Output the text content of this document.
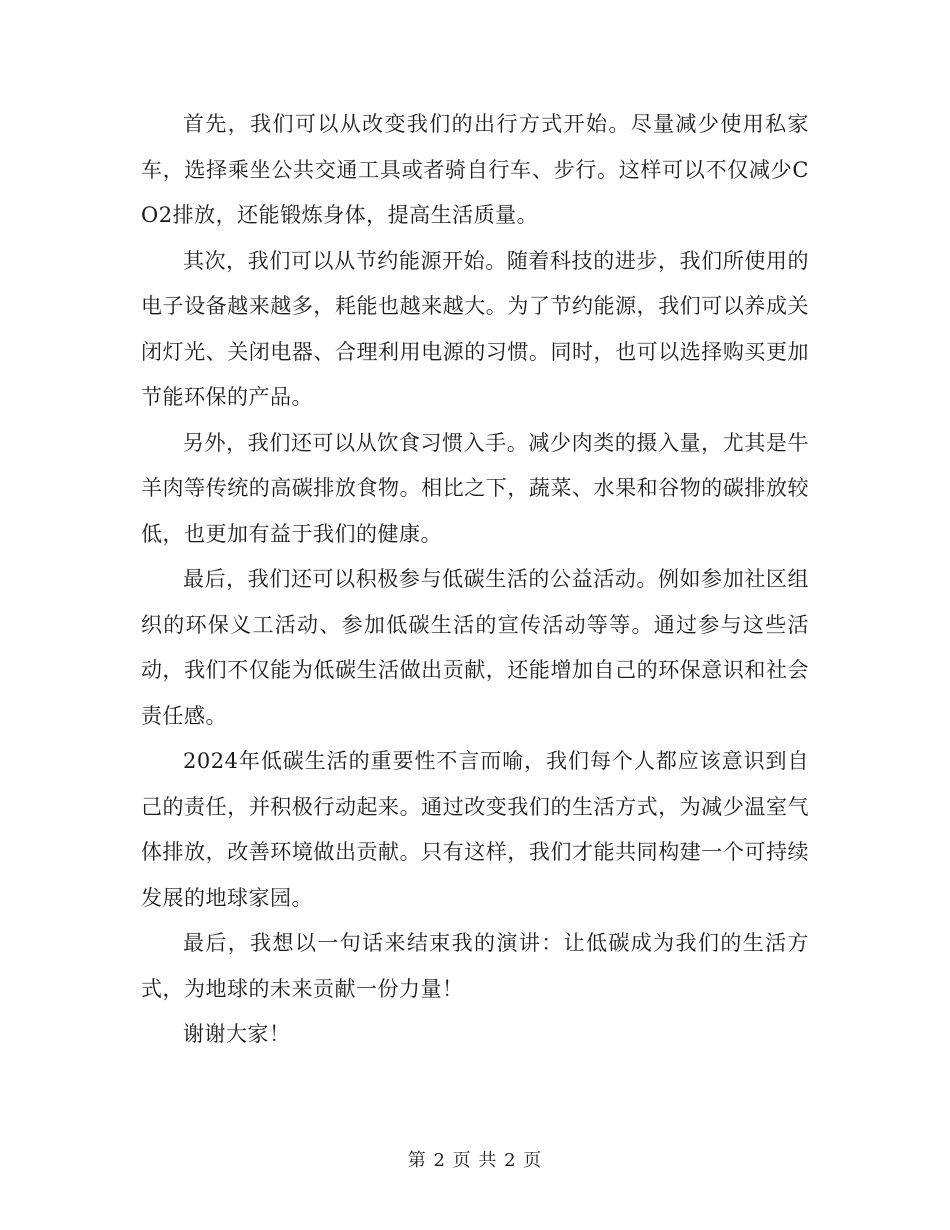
首先，我们可以从改变我们的出行方式开始。尽量减少使用私家车，选择乘坐公共交通工具或者骑自行车、步行。这样可以不仅减少CO2排放，还能锻炼身体，提高生活质量。

其次，我们可以从节约能源开始。随着科技的进步，我们所使用的电子设备越来越多，耗能也越来越大。为了节约能源，我们可以养成关闭灯光、关闭电器、合理利用电源的习惯。同时，也可以选择购买更加节能环保的产品。

另外，我们还可以从饮食习惯入手。减少肉类的摄入量，尤其是牛羊肉等传统的高碳排放食物。相比之下，蔬菜、水果和谷物的碳排放较低，也更加有益于我们的健康。

最后，我们还可以积极参与低碳生活的公益活动。例如参加社区组织的环保义工活动、参加低碳生活的宣传活动等等。通过参与这些活动，我们不仅能为低碳生活做出贡献，还能增加自己的环保意识和社会责任感。

2024年低碳生活的重要性不言而喻，我们每个人都应该意识到自己的责任，并积极行动起来。通过改变我们的生活方式，为减少温室气体排放，改善环境做出贡献。只有这样，我们才能共同构建一个可持续发展的地球家园。

最后，我想以一句话来结束我的演讲：让低碳成为我们的生活方式，为地球的未来贡献一份力量！

谢谢大家！

第 2 页 共 2 页
